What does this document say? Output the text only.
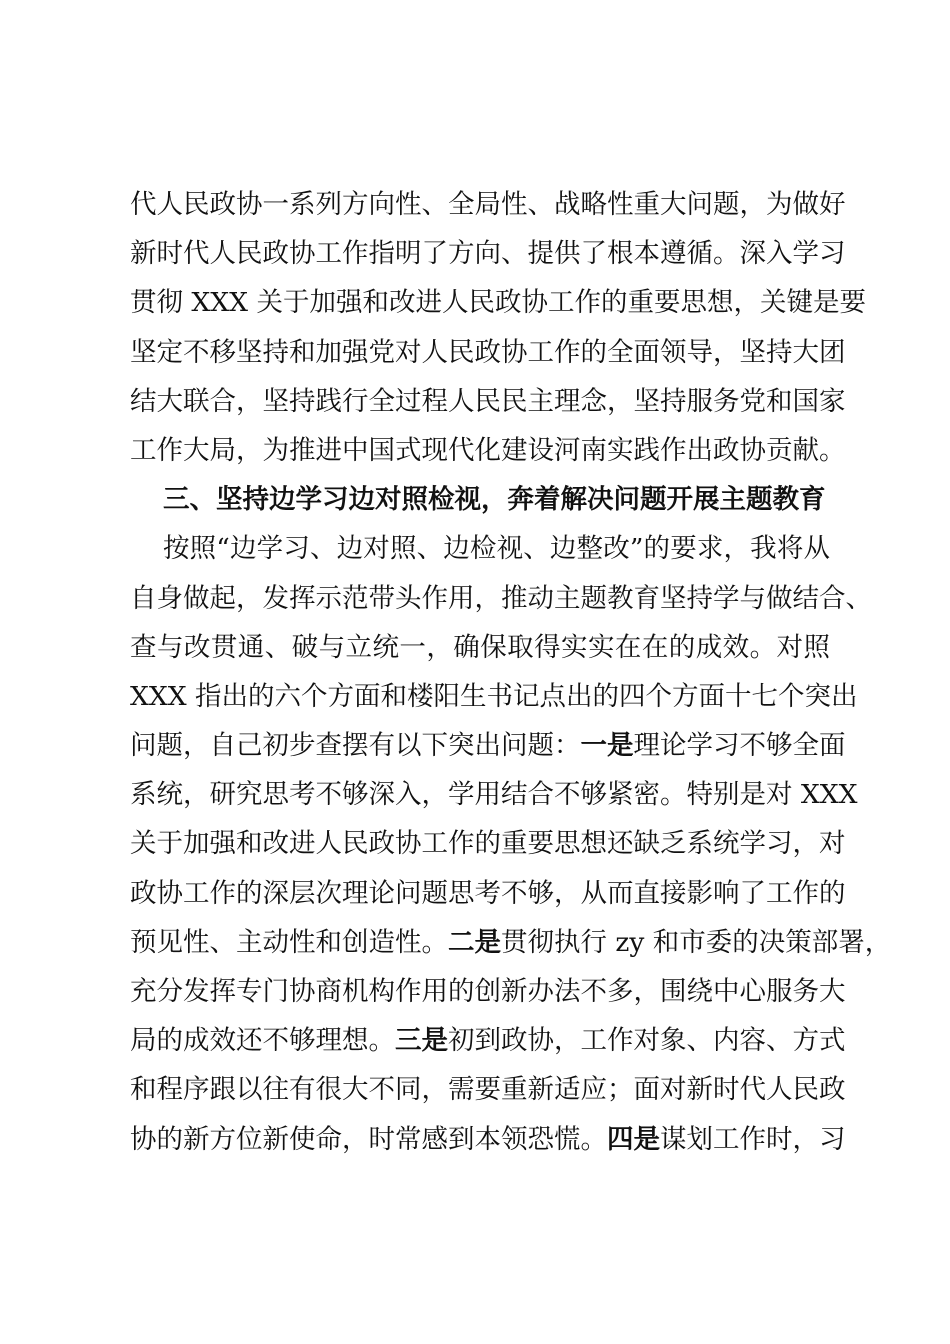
代人民政协一系列方向性、全局性、战略性重大问题，为做好
新时代人民政协工作指明了方向、提供了根本遵循。深入学习
贯彻 XXX 关于加强和改进人民政协工作的重要思想，关键是要
坚定不移坚持和加强党对人民政协工作的全面领导，坚持大团
结大联合，坚持践行全过程人民民主理念，坚持服务党和国家
工作大局，为推进中国式现代化建设河南实践作出政协贡献。
三、坚持边学习边对照检视，奔着解决问题开展主题教育
按照“边学习、边对照、边检视、边整改”的要求，我将从
自身做起，发挥示范带头作用，推动主题教育坚持学与做结合、
查与改贯通、破与立统一，确保取得实实在在的成效。对照
XXX 指出的六个方面和楼阳生书记点出的四个方面十七个突出
问题，自己初步查摆有以下突出问题：一是理论学习不够全面
系统，研究思考不够深入，学用结合不够紧密。特别是对 XXX
关于加强和改进人民政协工作的重要思想还缺乏系统学习，对
政协工作的深层次理论问题思考不够，从而直接影响了工作的
预见性、主动性和创造性。二是贯彻执行 zy 和市委的决策部署，
充分发挥专门协商机构作用的创新办法不多，围绕中心服务大
局的成效还不够理想。三是初到政协，工作对象、内容、方式
和程序跟以往有很大不同，需要重新适应；面对新时代人民政
协的新方位新使命，时常感到本领恐慌。四是谋划工作时，习
